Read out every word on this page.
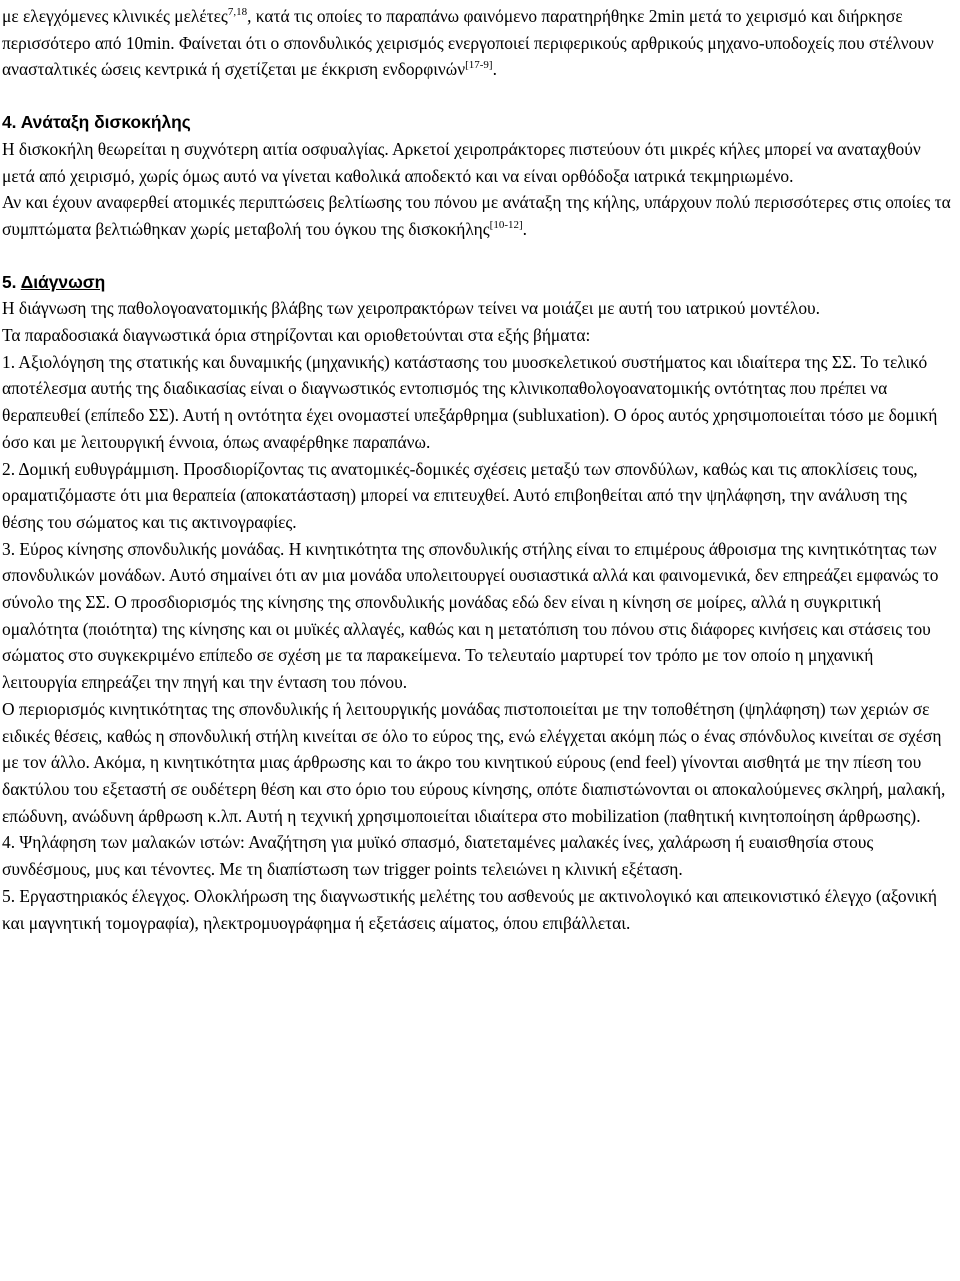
με ελεγχόμενες κλινικές μελέτες$^{7,18}$, κατά τις οποίες το παραπάνω φαινόμενο παρατηρήθηκε 2min μετά το χειρισμό και διήρκησε περισσότερο από 10min. Φαίνεται ότι ο σπονδυλικός χειρισμός ενεργοποιεί περιφερικούς αρθρικούς μηχανο-υποδοχείς που στέλνουν ανασταλτικές ώσεις κεντρικά ή σχετίζεται με έκκριση ενδορφινών[17-9].

4. Ανάταξη δισκοκήλης

Η δισκοκήλη θεωρείται η συχνότερη αιτία οσφυαλγίας. Αρκετοί χειροπράκτορες πιστεύουν ότι μικρές κήλες μπορεί να αναταχθούν μετά από χειρισμό, χωρίς όμως αυτό να γίνεται καθολικά αποδεκτό και να είναι ορθόδοξα ιατρικά τεκμηριωμένο.

Αν και έχουν αναφερθεί ατομικές περιπτώσεις βελτίωσης του πόνου με ανάταξη της κήλης, υπάρχουν πολύ περισσότερες στις οποίες τα συμπτώματα βελτιώθηκαν χωρίς μεταβολή του όγκου της δισκοκήλης[10-12].

5. Διάγνωση

Η διάγνωση της παθολογοανατομικής βλάβης των χειροπρακτόρων τείνει να μοιάζει με αυτή του ιατρικού μοντέλου.

Τα παραδοσιακά διαγνωστικά όρια στηρίζονται και οριοθετούνται στα εξής βήματα:

1. Αξιολόγηση της στατικής και δυναμικής (μηχανικής) κατάστασης του μυοσκελετικού συστήματος και ιδιαίτερα της ΣΣ. Το τελικό αποτέλεσμα αυτής της διαδικασίας είναι ο διαγνωστικός εντοπισμός της κλινικοπαθολογοανατομικής οντότητας που πρέπει να θεραπευθεί (επίπεδο ΣΣ). Αυτή η οντότητα έχει ονομαστεί υπεξάρθρημα (subluxation). Ο όρος αυτός χρησιμοποιείται τόσο με δομική όσο και με λειτουργική έννοια, όπως αναφέρθηκε παραπάνω.

2. Δομική ευθυγράμμιση. Προσδιορίζοντας τις ανατομικές-δομικές σχέσεις μεταξύ των σπονδύλων, καθώς και τις αποκλίσεις τους, οραματιζόμαστε ότι μια θεραπεία (αποκατάσταση) μπορεί να επιτευχθεί. Αυτό επιβοηθείται από την ψηλάφηση, την ανάλυση της θέσης του σώματος και τις ακτινογραφίες.

3. Εύρος κίνησης σπονδυλικής μονάδας. Η κινητικότητα της σπονδυλικής στήλης είναι το επιμέρους άθροισμα της κινητικότητας των σπονδυλικών μονάδων. Αυτό σημαίνει ότι αν μια μονάδα υπολειτουργεί ουσιαστικά αλλά και φαινομενικά, δεν επηρεάζει εμφανώς το σύνολο της ΣΣ. Ο προσδιορισμός της κίνησης της σπονδυλικής μονάδας εδώ δεν είναι η κίνηση σε μοίρες, αλλά η συγκριτική ομαλότητα (ποιότητα) της κίνησης και οι μυϊκές αλλαγές, καθώς και η μετατόπιση του πόνου στις διάφορες κινήσεις και στάσεις του σώματος στο συγκεκριμένο επίπεδο σε σχέση με τα παρακείμενα. Το τελευταίο μαρτυρεί τον τρόπο με τον οποίο η μηχανική λειτουργία επηρεάζει την πηγή και την ένταση του πόνου.

Ο περιορισμός κινητικότητας της σπονδυλικής ή λειτουργικής μονάδας πιστοποιείται με την τοποθέτηση (ψηλάφηση) των χεριών σε ειδικές θέσεις, καθώς η σπονδυλική στήλη κινείται σε όλο το εύρος της, ενώ ελέγχεται ακόμη πώς ο ένας σπόνδυλος κινείται σε σχέση με τον άλλο. Ακόμα, η κινητικότητα μιας άρθρωσης και το άκρο του κινητικού εύρους (end feel) γίνονται αισθητά με την πίεση του δακτύλου του εξεταστή σε ουδέτερη θέση και στο όριο του εύρους κίνησης, οπότε διαπιστώνονται οι αποκαλούμενες σκληρή, μαλακή, επώδυνη, ανώδυνη άρθρωση κ.λπ. Αυτή η τεχνική χρησιμοποιείται ιδιαίτερα στο mobilization (παθητική κινητοποίηση άρθρωσης).

4. Ψηλάφηση των μαλακών ιστών: Αναζήτηση για μυϊκό σπασμό, διατεταμένες μαλακές ίνες, χαλάρωση ή ευαισθησία στους συνδέσμους, μυς και τένοντες. Με τη διαπίστωση των trigger points τελειώνει η κλινική εξέταση.

5. Εργαστηριακός έλεγχος. Ολοκλήρωση της διαγνωστικής μελέτης του ασθενούς με ακτινολογικό και απεικονιστικό έλεγχο (αξονική και μαγνητική τομογραφία), ηλεκτρομυογράφημα ή εξετάσεις αίματος, όπου επιβάλλεται.
